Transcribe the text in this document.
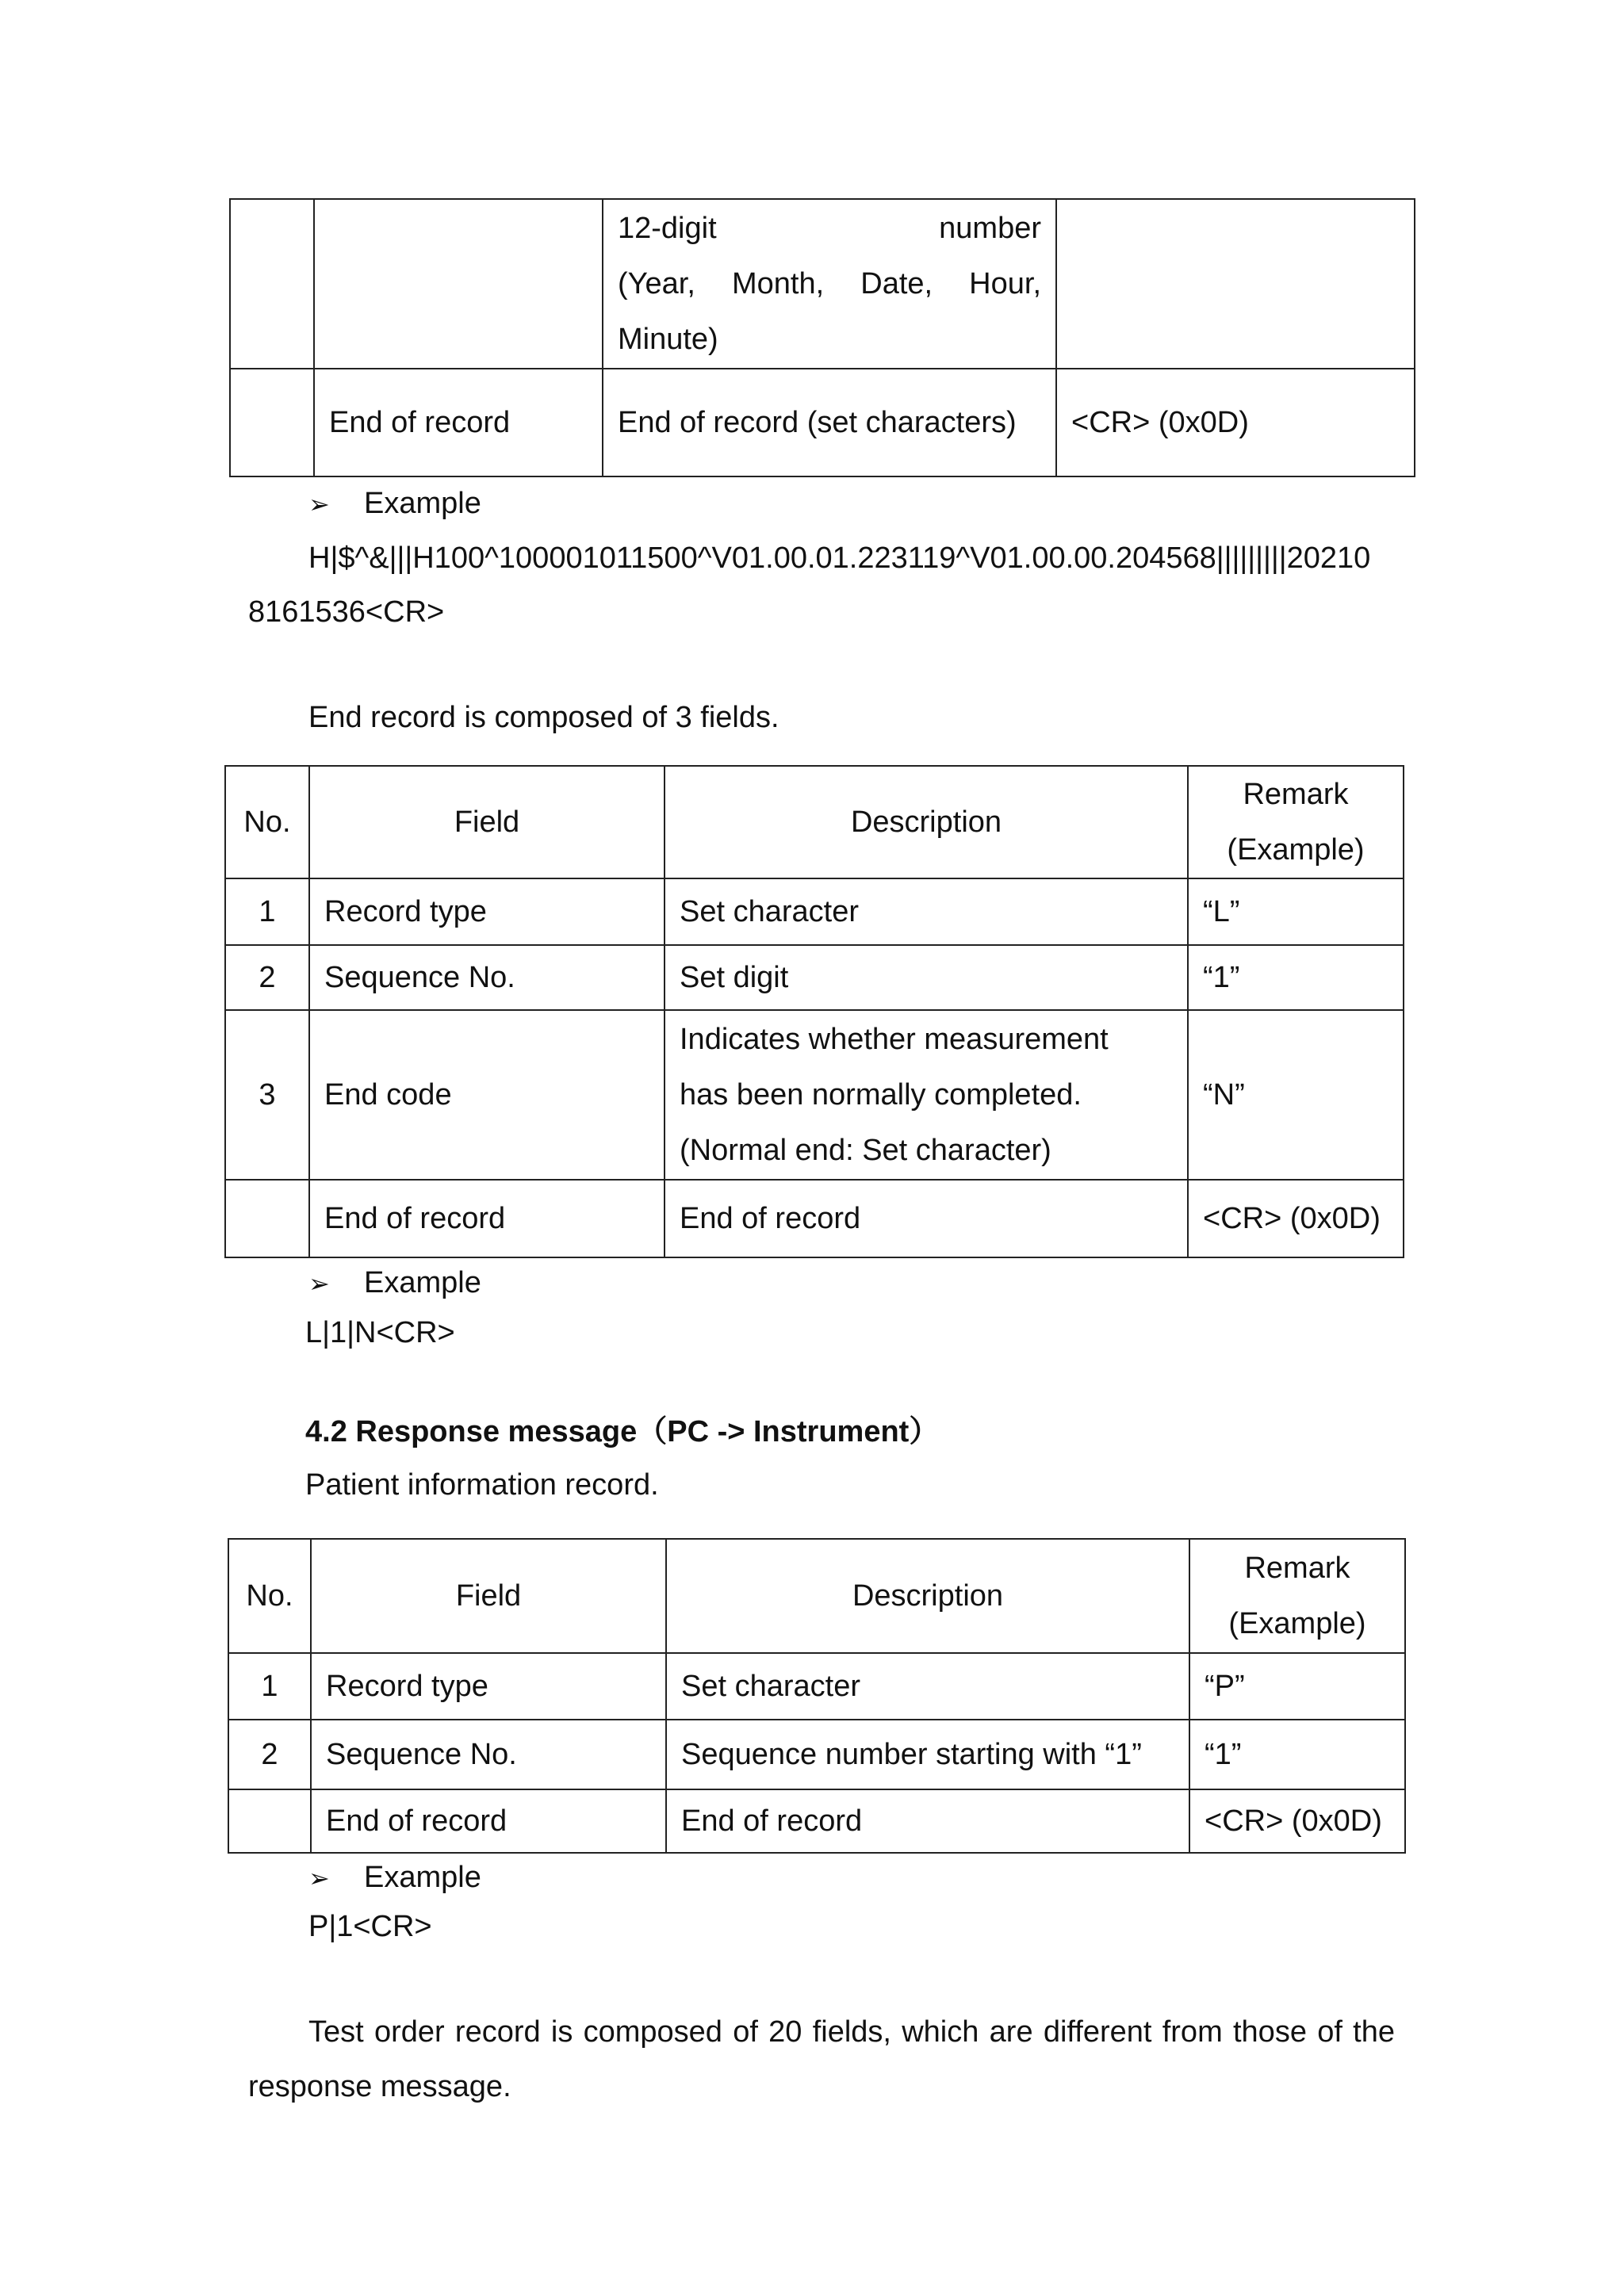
		12-digit number
(Year, Month, Date, Hour,
Minute)	

	End of record	End of record (set characters)	<CR> (0x0D)
➢ Example
H|$^&|||H100^100001011500^V01.00.01.223119^V01.00.00.204568|||||||||20210
8161536<CR>
End record is composed of 3 fields.
No.	Field	Description	Remark
(Example)

1	Record type	Set character	“L”
2	Sequence No.	Set digit	“1”
3	End code	Indicates whether measurement
has been normally completed.
(Normal end: Set character)	“N”
	End of record	End of record	<CR> (0x0D)
➢ Example
L|1|N<CR>
4.2 Response message（PC -> Instrument）
Patient information record.
No.	Field	Description	Remark
(Example)

1	Record type	Set character	“P”
2	Sequence No.	Sequence number starting with “1”	“1”
	End of record	End of record	<CR> (0x0D)
➢ Example
P|1<CR>
Test order record is composed of 20 fields, which are different from those of the
response message.
